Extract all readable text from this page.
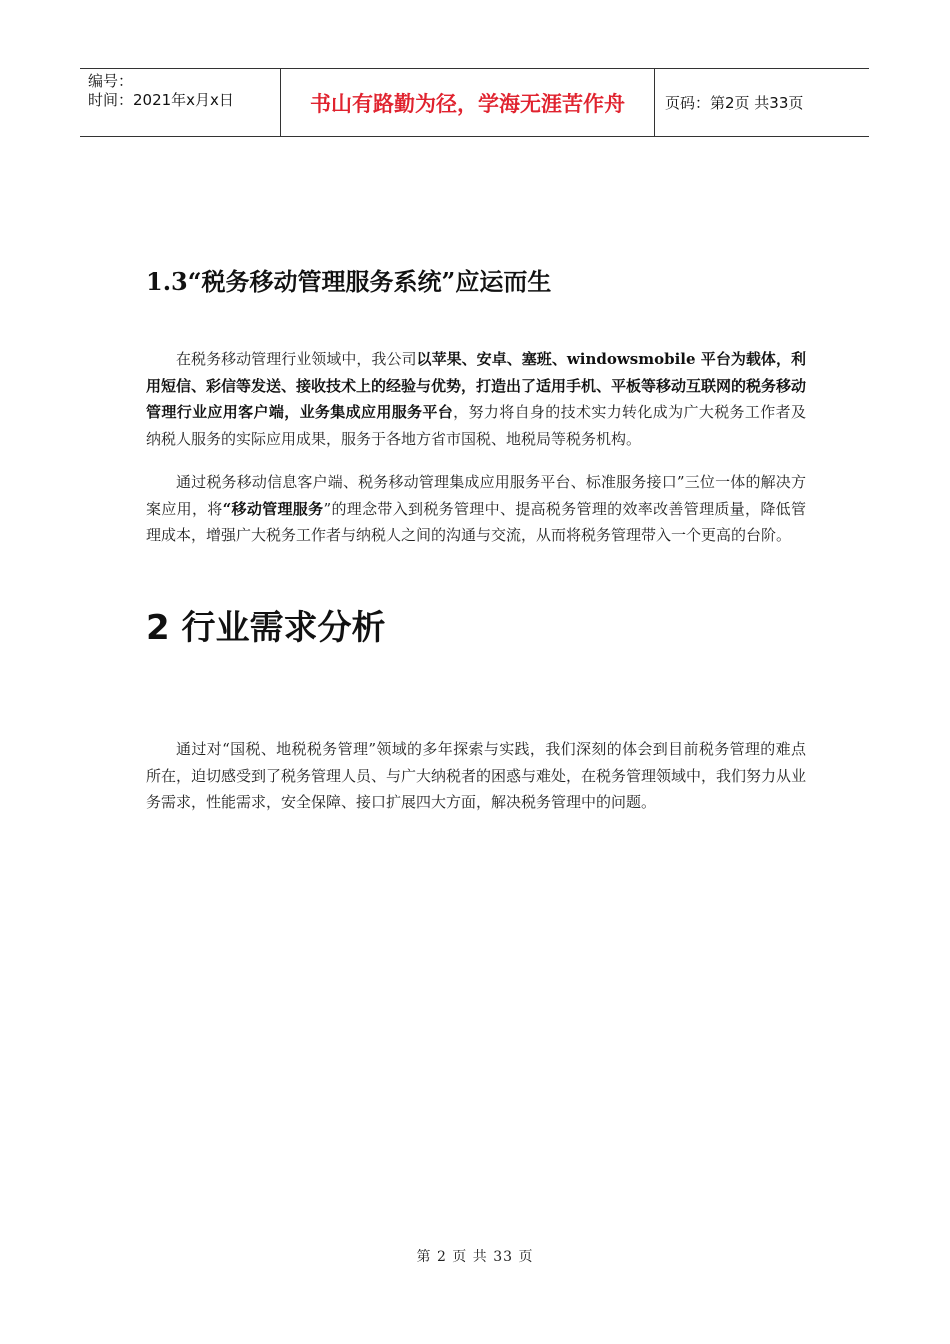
编号：
时间：2021年x月x日	书山有路勤为径，学海无涯苦作舟	页码：第2页 共33页
1.3“税务移动管理服务系统”应运而生

在税务移动管理行业领域中，我公司以苹果、安卓、塞班、windowsmobile 平台为载体，利用短信、彩信等发送、接收技术上的经验与优势，打造出了适用手机、平板等移动互联网的税务移动管理行业应用客户端，业务集成应用服务平台，努力将自身的技术实力转化成为广大税务工作者及纳税人服务的实际应用成果，服务于各地方省市国税、地税局等税务机构。

通过税务移动信息客户端、税务移动管理集成应用服务平台、标准服务接口”三位一体的解决方案应用，将“移动管理服务”的理念带入到税务管理中、提高税务管理的效率改善管理质量，降低管理成本，增强广大税务工作者与纳税人之间的沟通与交流，从而将税务管理带入一个更高的台阶。

2 行业需求分析

通过对“国税、地税税务管理”领域的多年探索与实践，我们深刻的体会到目前税务管理的难点所在，迫切感受到了税务管理人员、与广大纳税者的困惑与难处，在税务管理领域中，我们努力从业务需求，性能需求，安全保障、接口扩展四大方面，解决税务管理中的问题。

第 2 页 共 33 页
